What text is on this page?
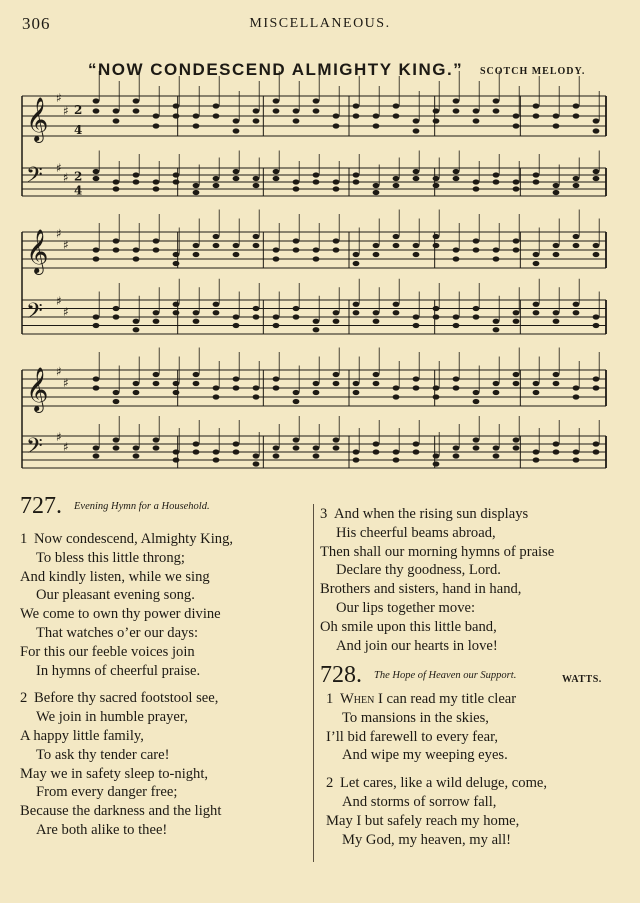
306	MISCELLANEOUS.
“NOW CONDESCEND ALMIGHTY KING.” SCOTCH MELODY.
𝄞 ♯
♯ 2
4
𝄢 ♯
♯ 2
4
𝄞 ♯
♯
𝄢 ♯
♯
𝄞 ♯
♯
𝄢 ♯
♯
727. $^{Evening Hymn for a Household.}$
1 Now condescend, Almighty King,
To bless this little throng;
And kindly listen, while we sing
Our pleasant evening song.
We come to own thy power divine
That watches o’er our days:
For this our feeble voices join
In hymns of cheerful praise.
2 Before thy sacred footstool see,
We join in humble prayer,
A happy little family,
To ask thy tender care!
May we in safety sleep to-night,
From every danger free;
Because the darkness and the light
Are both alike to thee!
3 And when the rising sun displays
His cheerful beams abroad,
Then shall our morning hymns of praise
Declare thy goodness, Lord.
Brothers and sisters, hand in hand,
Our lips together move:
Oh smile upon this little band,
And join our hearts in love!
728. $^{The Hope of Heaven our Support.}$	WATTS.
1 When I can read my title clear
To mansions in the skies,
I’ll bid farewell to every fear,
And wipe my weeping eyes.
2 Let cares, like a wild deluge, come,
And storms of sorrow fall,
May I but safely reach my home,
My God, my heaven, my all!
